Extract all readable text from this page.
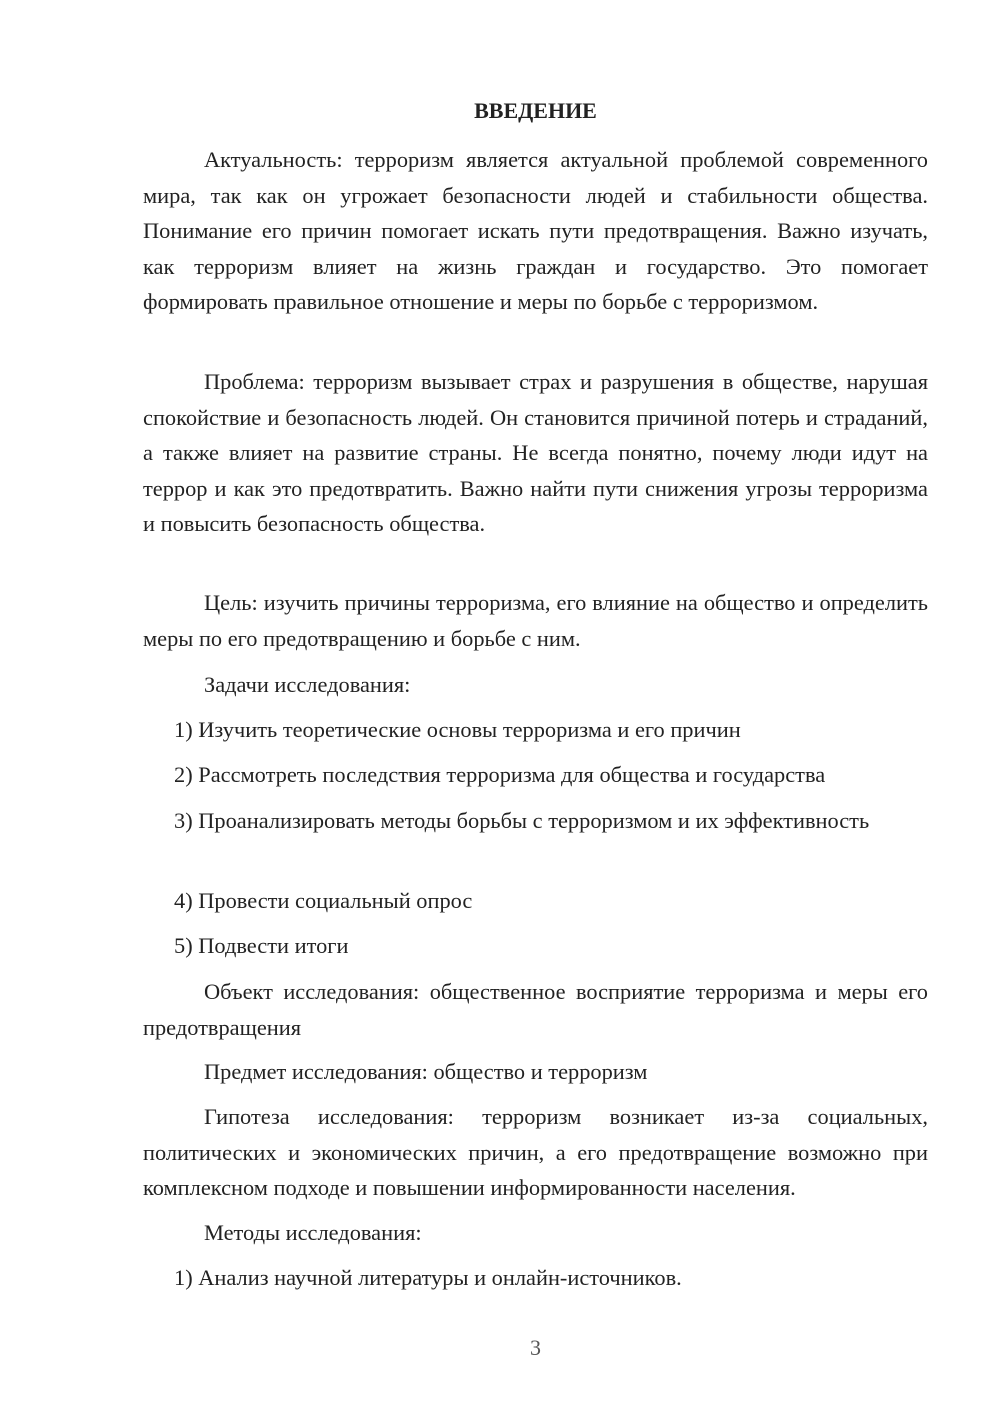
ВВЕДЕНИЕ

Актуальность: терроризм является актуальной проблемой современного мира, так как он угрожает безопасности людей и стабильности общества. Понимание его причин помогает искать пути предотвращения. Важно изучать, как терроризм влияет на жизнь граждан и государство. Это помогает формировать правильное отношение и меры по борьбе с терроризмом.

Проблема: терроризм вызывает страх и разрушения в обществе, нарушая спокойствие и безопасность людей. Он становится причиной потерь и страданий, а также влияет на развитие страны. Не всегда понятно, почему люди идут на террор и как это предотвратить. Важно найти пути снижения угрозы терроризма и повысить безопасность общества.

Цель: изучить причины терроризма, его влияние на общество и определить меры по его предотвращению и борьбе с ним.

Задачи исследования:

1) Изучить теоретические основы терроризма и его причин

2) Рассмотреть последствия терроризма для общества и государства

3) Проанализировать методы борьбы с терроризмом и их эффективность

4) Провести социальный опрос

5) Подвести итоги

Объект исследования: общественное восприятие терроризма и меры его предотвращения

Предмет исследования: общество и терроризм

Гипотеза исследования: терроризм возникает из-за социальных, политических и экономических причин, а его предотвращение возможно при комплексном подходе и повышении информированности населения.

Методы исследования:

1) Анализ научной литературы и онлайн-источников.

3
